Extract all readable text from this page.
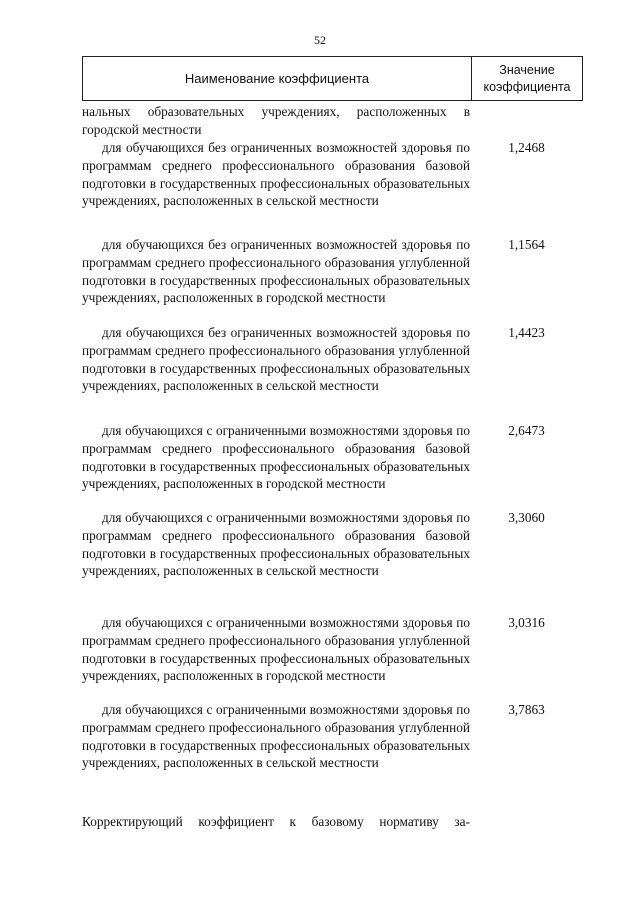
52
Наименование коэффициента
Значение коэффициента
нальных образовательных учреждениях, расположенных в городской местности
для обучающихся без ограниченных возможностей здоровья по программам среднего профессионального образования базовой подготовки в государственных профессиональных образовательных учреждениях, расположенных в сельской местности
1,2468
для обучающихся без ограниченных возможностей здоровья по программам среднего профессионального образования углубленной подготовки в государственных профессиональных образовательных учреждениях, расположенных в городской местности
1,1564
для обучающихся без ограниченных возможностей здоровья по программам среднего профессионального образования углубленной подготовки в государственных профессиональных образовательных учреждениях, расположенных в сельской местности
1,4423
для обучающихся с ограниченными возможностями здоровья по программам среднего профессионального образования базовой подготовки в государственных профессиональных образовательных учреждениях, расположенных в городской местности
2,6473
для обучающихся с ограниченными возможностями здоровья по программам среднего профессионального образования базовой подготовки в государственных профессиональных образовательных учреждениях, расположенных в сельской местности
3,3060
для обучающихся с ограниченными возможностями здоровья по программам среднего профессионального образования углубленной подготовки в государственных профессиональных образовательных учреждениях, расположенных в городской местности
3,0316
для обучающихся с ограниченными возможностями здоровья по программам среднего профессионального образования углубленной подготовки в государственных профессиональных образовательных учреждениях, расположенных в сельской местности
3,7863
Корректирующий коэффициент к базовому нормативу за-
